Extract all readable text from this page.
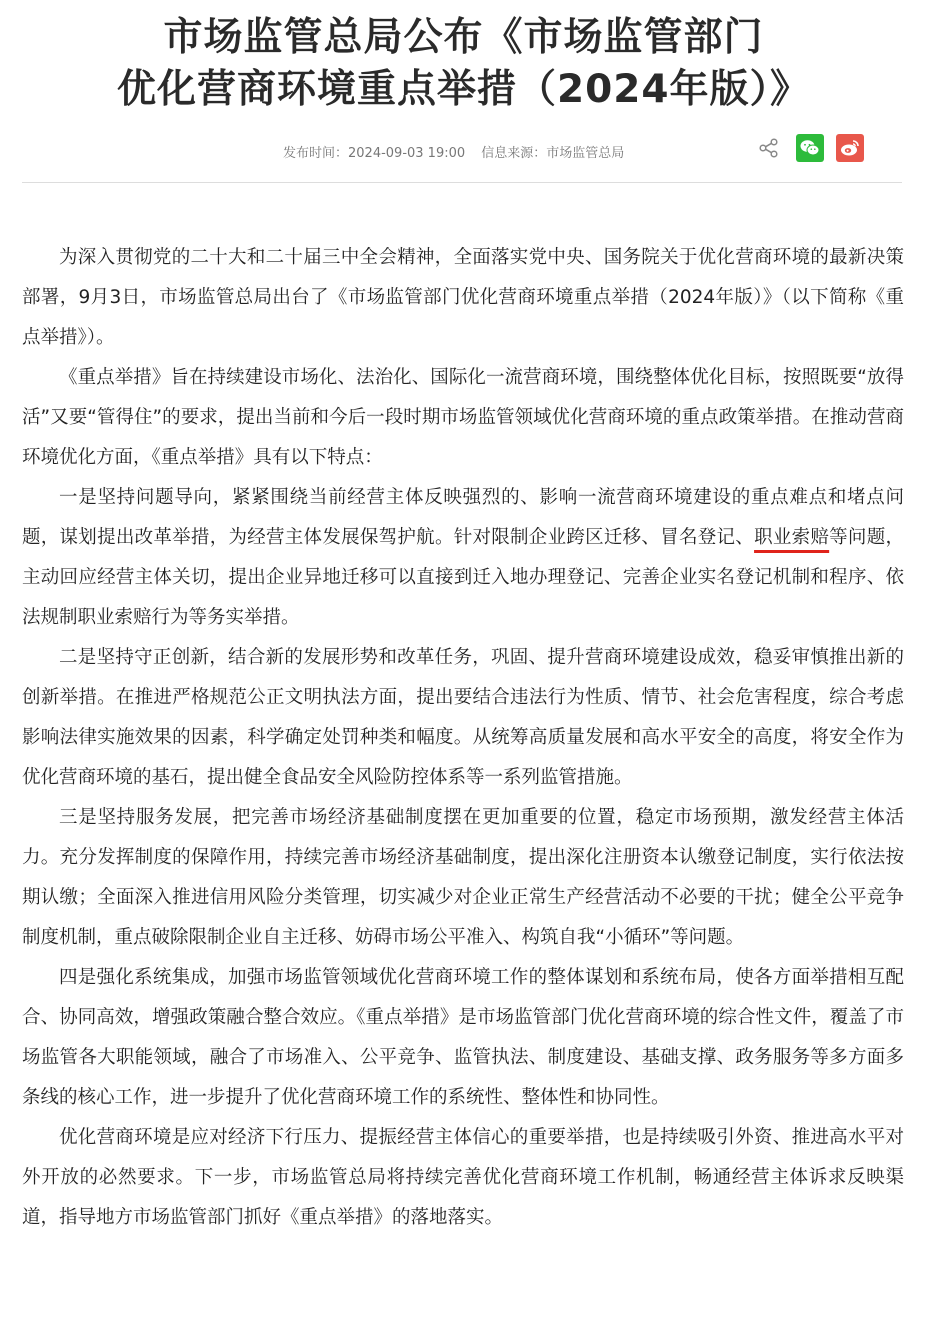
市场监管总局公布《市场监管部门
优化营商环境重点举措（2024年版）》
发布时间：2024-09-03 19:00 信息来源：市场监管总局

为深入贯彻党的二十大和二十届三中全会精神，全面落实党中央、国务院关于优化营商环境的最新决策部署，9月3日，市场监管总局出台了《市场监管部门优化营商环境重点举措（2024年版）》（以下简称《重点举措》）。

《重点举措》旨在持续建设市场化、法治化、国际化一流营商环境，围绕整体优化目标，按照既要“放得活”又要“管得住”的要求，提出当前和今后一段时期市场监管领域优化营商环境的重点政策举措。在推动营商环境优化方面，《重点举措》具有以下特点：

一是坚持问题导向，紧紧围绕当前经营主体反映强烈的、影响一流营商环境建设的重点难点和堵点问题，谋划提出改革举措，为经营主体发展保驾护航。针对限制企业跨区迁移、冒名登记、职业索赔等问题，主动回应经营主体关切，提出企业异地迁移可以直接到迁入地办理登记、完善企业实名登记机制和程序、依法规制职业索赔行为等务实举措。

二是坚持守正创新，结合新的发展形势和改革任务，巩固、提升营商环境建设成效，稳妥审慎推出新的创新举措。在推进严格规范公正文明执法方面，提出要结合违法行为性质、情节、社会危害程度，综合考虑影响法律实施效果的因素，科学确定处罚种类和幅度。从统筹高质量发展和高水平安全的高度，将安全作为优化营商环境的基石，提出健全食品安全风险防控体系等一系列监管措施。

三是坚持服务发展，把完善市场经济基础制度摆在更加重要的位置，稳定市场预期，激发经营主体活力。充分发挥制度的保障作用，持续完善市场经济基础制度，提出深化注册资本认缴登记制度，实行依法按期认缴；全面深入推进信用风险分类管理，切实减少对企业正常生产经营活动不必要的干扰；健全公平竞争制度机制，重点破除限制企业自主迁移、妨碍市场公平准入、构筑自我“小循环”等问题。

四是强化系统集成，加强市场监管领域优化营商环境工作的整体谋划和系统布局，使各方面举措相互配合、协同高效，增强政策融合整合效应。《重点举措》是市场监管部门优化营商环境的综合性文件，覆盖了市场监管各大职能领域，融合了市场准入、公平竞争、监管执法、制度建设、基础支撑、政务服务等多方面多条线的核心工作，进一步提升了优化营商环境工作的系统性、整体性和协同性。

优化营商环境是应对经济下行压力、提振经营主体信心的重要举措，也是持续吸引外资、推进高水平对外开放的必然要求。下一步，市场监管总局将持续完善优化营商环境工作机制，畅通经营主体诉求反映渠道，指导地方市场监管部门抓好《重点举措》的落地落实。
